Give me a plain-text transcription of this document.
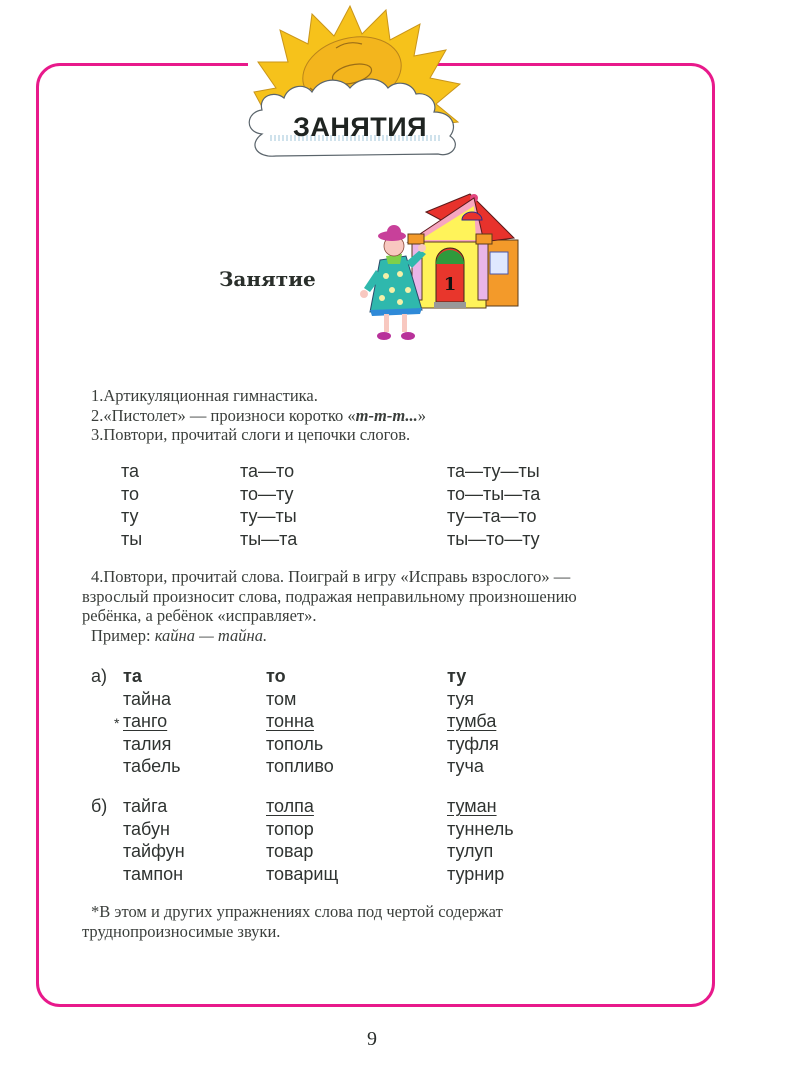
ЗАНЯТИЯ
Занятие	1
1.Артикуляционная гимнастика.
2.«Пистолет» — произноси коротко «т-т-т...»
3.Повтори, прочитай слоги и цепочки слогов.
та
то
ту
ты
та—то
то—ту
ту—ты
ты—та
та—ту—ты
то—ты—та
ту—та—то
ты—то—ту
4.Повтори, прочитай слова. Поиграй в игру «Исправь взрослого» —
взрослый произносит слова, подражая неправильному произношению
ребёнка, а ребёнок «исправляет».
Пример: кайна — тайна.
а)
*
та
тайна
танго
талия
табель
то
том
тонна
тополь
топливо
ту
туя
тумба
туфля
туча
б) тайга
табун
тайфун
тампон
толпа
топор
товар
товарищ
туман
туннель
тулуп
турнир
*В этом и других упражнениях слова под чертой содержат
труднопроизносимые звуки.
9
